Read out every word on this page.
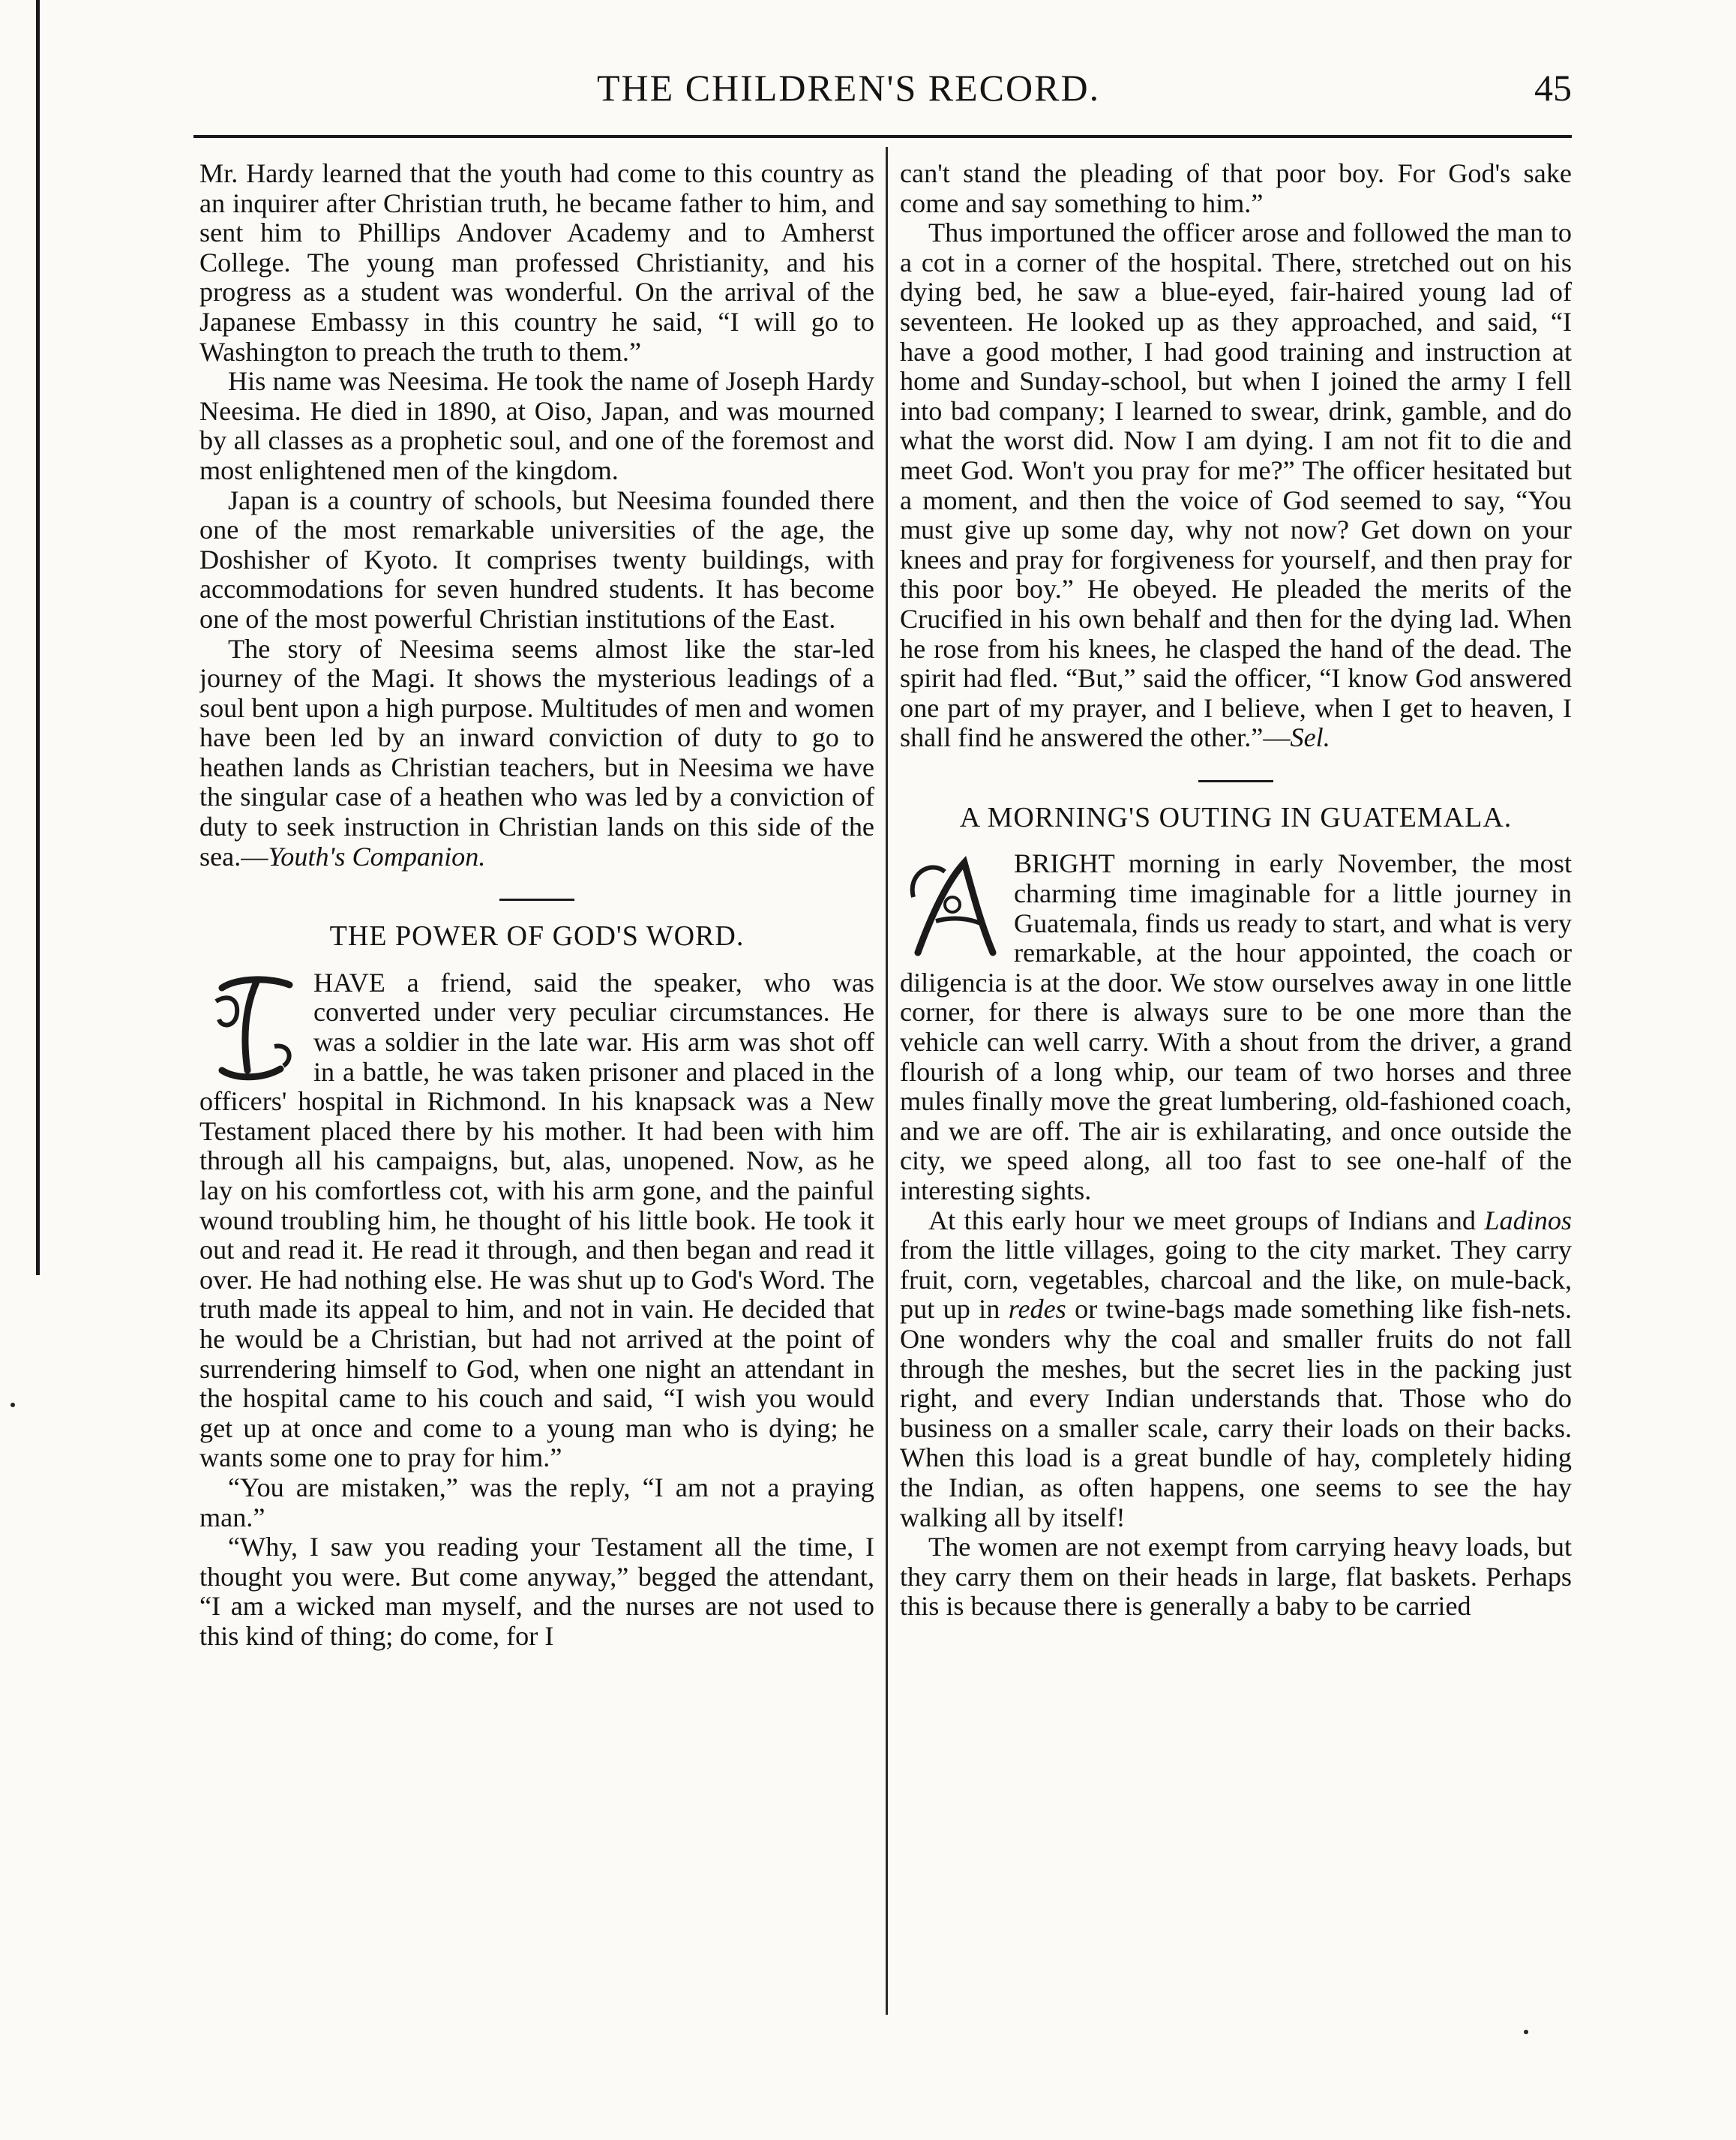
THE CHILDREN'S RECORD.	45

Mr. Hardy learned that the youth had come to this country as an inquirer after Christian truth, he became father to him, and sent him to Phillips Andover Academy and to Amherst College. The young man professed Christianity, and his progress as a student was wonderful. On the arrival of the Japanese Embassy in this country he said, “I will go to Washington to preach the truth to them.”

His name was Neesima. He took the name of Joseph Hardy Neesima. He died in 1890, at Oiso, Japan, and was mourned by all classes as a prophetic soul, and one of the foremost and most enlightened men of the kingdom.

Japan is a country of schools, but Neesima founded there one of the most remarkable universities of the age, the Doshisher of Kyoto. It comprises twenty buildings, with accommodations for seven hundred students. It has become one of the most powerful Christian institutions of the East.

The story of Neesima seems almost like the star-led journey of the Magi. It shows the mysterious leadings of a soul bent upon a high purpose. Multitudes of men and women have been led by an inward conviction of duty to go to heathen lands as Christian teachers, but in Neesima we have the singular case of a heathen who was led by a conviction of duty to seek instruction in Christian lands on this side of the sea.—Youth's Companion.

THE POWER OF GOD'S WORD.

HAVE a friend, said the speaker, who was converted under very peculiar circumstances. He was a soldier in the late war. His arm was shot off in a battle, he was taken prisoner and placed in the officers' hospital in Richmond. In his knapsack was a New Testament placed there by his mother. It had been with him through all his campaigns, but, alas, unopened. Now, as he lay on his comfortless cot, with his arm gone, and the painful wound troubling him, he thought of his little book. He took it out and read it. He read it through, and then began and read it over. He had nothing else. He was shut up to God's Word. The truth made its appeal to him, and not in vain. He decided that he would be a Christian, but had not arrived at the point of surrendering himself to God, when one night an attendant in the hospital came to his couch and said, “I wish you would get up at once and come to a young man who is dying; he wants some one to pray for him.”

“You are mistaken,” was the reply, “I am not a praying man.”

“Why, I saw you reading your Testament all the time, I thought you were. But come anyway,” begged the attendant, “I am a wicked man myself, and the nurses are not used to this kind of thing; do come, for I

can't stand the pleading of that poor boy. For God's sake come and say something to him.”

Thus importuned the officer arose and followed the man to a cot in a corner of the hospital. There, stretched out on his dying bed, he saw a blue-eyed, fair-haired young lad of seventeen. He looked up as they approached, and said, “I have a good mother, I had good training and instruction at home and Sunday-school, but when I joined the army I fell into bad company; I learned to swear, drink, gamble, and do what the worst did. Now I am dying. I am not fit to die and meet God. Won't you pray for me?” The officer hesitated but a moment, and then the voice of God seemed to say, “You must give up some day, why not now? Get down on your knees and pray for forgiveness for yourself, and then pray for this poor boy.” He obeyed. He pleaded the merits of the Crucified in his own behalf and then for the dying lad. When he rose from his knees, he clasped the hand of the dead. The spirit had fled. “But,” said the officer, “I know God answered one part of my prayer, and I believe, when I get to heaven, I shall find he answered the other.”—Sel.

A MORNING'S OUTING IN GUATEMALA.

BRIGHT morning in early November, the most charming time imaginable for a little journey in Guatemala, finds us ready to start, and what is very remarkable, at the hour appointed, the coach or diligencia is at the door. We stow ourselves away in one little corner, for there is always sure to be one more than the vehicle can well carry. With a shout from the driver, a grand flourish of a long whip, our team of two horses and three mules finally move the great lumbering, old-fashioned coach, and we are off. The air is exhilarating, and once outside the city, we speed along, all too fast to see one-half of the interesting sights.

At this early hour we meet groups of Indians and Ladinos from the little villages, going to the city market. They carry fruit, corn, vegetables, charcoal and the like, on mule-back, put up in redes or twine-bags made something like fish-nets. One wonders why the coal and smaller fruits do not fall through the meshes, but the secret lies in the packing just right, and every Indian understands that. Those who do business on a smaller scale, carry their loads on their backs. When this load is a great bundle of hay, completely hiding the Indian, as often happens, one seems to see the hay walking all by itself!

The women are not exempt from carrying heavy loads, but they carry them on their heads in large, flat baskets. Perhaps this is because there is generally a baby to be carried
